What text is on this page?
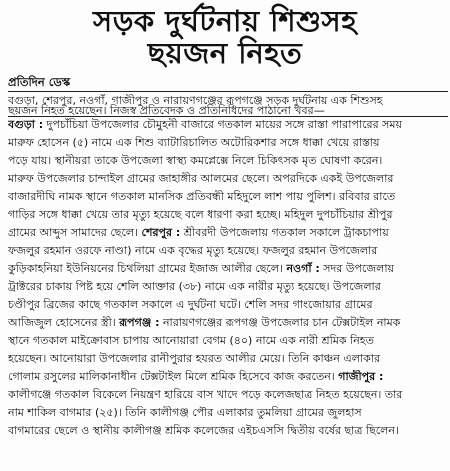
সড়ক দুর্ঘটনায় শিশুসহ
ছয়জন নিহত
প্রতিদিন ডেস্ক
বগুড়া, শেরপুর, নওগাঁ, গাজীপুর ও নারায়ণগঞ্জের রূপগঞ্জে সড়ক দুর্ঘটনায় এক শিশুসহ
ছয়জন নিহত হয়েছেন। নিজস্ব প্রতিবেদক ও প্রতিনিধিদের পাঠানো খবর—
বগুড়া : দুপচাঁচিয়া উপজেলার চৌমুহনী বাজারে গতকাল মায়ের সঙ্গে রাস্তা পারাপারের সময়
মারুফ হোসেন (৫) নামে এক শিশু ব্যাটারিচালিত অটোরিকশার সঙ্গে ধাক্কা খেয়ে রাস্তায়
পড়ে যায়। স্থানীয়রা তাকে উপজেলা স্বাস্থ্য কমপ্লেক্সে নিলে চিকিৎসক মৃত ঘোষণা করেন।
মারুফ উপজেলার চান্দাইল গ্রামের জাহাঙ্গীর আলমের ছেলে। অপরদিকে একই উপজেলার
বাজারদীঘি নামক স্থানে গতকাল মানসিক প্রতিবন্ধী মহিদুলে লাশ পায় পুলিশ। রবিবার রাতে
গাড়ির সঙ্গে ধাক্কা খেয়ে তার মৃত্যু হয়েছে বলে ধারণা করা হচ্ছে। মহিদুল দুপচাঁচিয়ার শ্রীপুর
গ্রামের আব্দুস সামাদের ছেলে। শেরপুর : শ্রীবরদী উপজেলায় গতকাল সকালে ট্রাকচাপায়
ফজলুর রহমান ওরফে নাণ্ডা) নামে এক বৃদ্ধের মৃত্যু হয়েছে। ফজলুর রহমান উপজেলার
কুড়িকাহনিয়া ইউনিয়নের চিথলিয়া গ্রামের ইজাজ আলীর ছেলে। নওগাঁ : সদর উপজেলায়
ট্রাক্টরের চাকায় পিষ্ট হয়ে শেলি আক্তার (৩৮) নামে এক নারীর মৃত্যু হয়েছে। উপজেলার
চণ্ডীপুর ব্রিজের কাছে গতকাল সকালে এ দুর্ঘটনা ঘটে। শেলি সদর গাংজোয়ার গ্রামের
আজিজুল হোসেনের স্ত্রী। রূপগঞ্জ : নারায়ণগঞ্জের রূপগঞ্জ উপজেলার চান টেক্সটাইল নামক
স্থানে গতকাল মাইক্রোবাস চাপায় আনোয়ারা বেগম (৪০) নামে এক নারী শ্রমিক নিহত
হয়েছেন। আনোয়ারা উপজেলার রানীপুরার হযরত আলীর মেয়ে। তিনি কাঞ্চন এলাকার
গোলাম রসুলের মালিকানাধীন টেক্সটাইল মিলে শ্রমিক হিসেবে কাজ করতেন। গাজীপুর :
কালীগঞ্জে গতকাল বিকেলে নিয়ন্ত্রণ হারিয়ে বাস খাদে পড়ে কলেজছাত্র নিহত হয়েছেন। তার
নাম শাকিল বাগমার (২৫)। তিনি কালীগঞ্জ পৌর এলাকার তুমলিয়া গ্রামের জুলহাস
বাগমারের ছেলে ও স্থানীয় কালীগঞ্জ শ্রমিক কলেজের এইচএসসি দ্বিতীয় বর্ষের ছাত্র ছিলেন।
